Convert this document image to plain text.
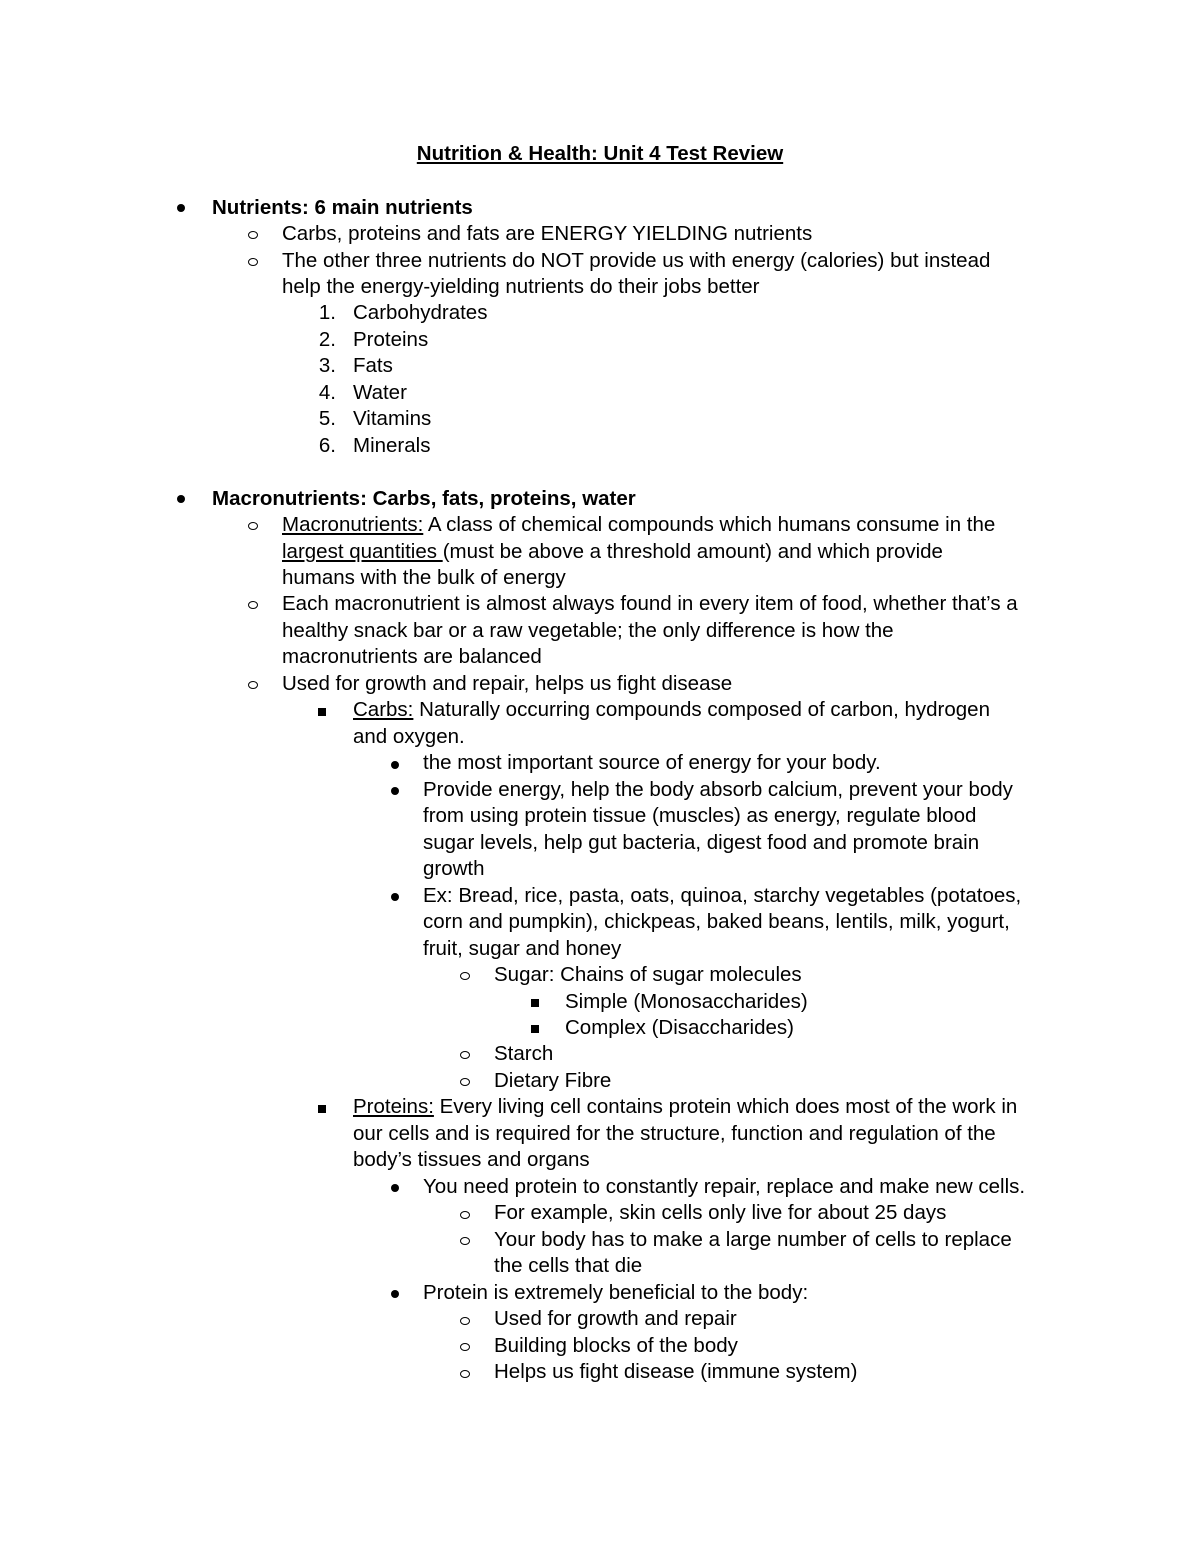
Nutrition & Health: Unit 4 Test Review
Nutrients: 6 main nutrients
Carbs, proteins and fats are ENERGY YIELDING nutrients
The other three nutrients do NOT provide us with energy (calories) but instead
help the energy-yielding nutrients do their jobs better
1. Carbohydrates
2. Proteins
3. Fats
4. Water
5. Vitamins
6. Minerals
Macronutrients: Carbs, fats, proteins, water
Macronutrients: A class of chemical compounds which humans consume in the
largest quantities (must be above a threshold amount) and which provide
humans with the bulk of energy
Each macronutrient is almost always found in every item of food, whether that’s a
healthy snack bar or a raw vegetable; the only difference is how the
macronutrients are balanced
Used for growth and repair, helps us fight disease
Carbs: Naturally occurring compounds composed of carbon, hydrogen
and oxygen.
the most important source of energy for your body.
Provide energy, help the body absorb calcium, prevent your body
from using protein tissue (muscles) as energy, regulate blood
sugar levels, help gut bacteria, digest food and promote brain
growth
Ex: Bread, rice, pasta, oats, quinoa, starchy vegetables (potatoes,
corn and pumpkin), chickpeas, baked beans, lentils, milk, yogurt,
fruit, sugar and honey
Sugar: Chains of sugar molecules
Simple (Monosaccharides)
Complex (Disaccharides)
Starch
Dietary Fibre
Proteins: Every living cell contains protein which does most of the work in
our cells and is required for the structure, function and regulation of the
body’s tissues and organs
You need protein to constantly repair, replace and make new cells.
For example, skin cells only live for about 25 days
Your body has to make a large number of cells to replace
the cells that die
Protein is extremely beneficial to the body:
Used for growth and repair
Building blocks of the body
Helps us fight disease (immune system)
